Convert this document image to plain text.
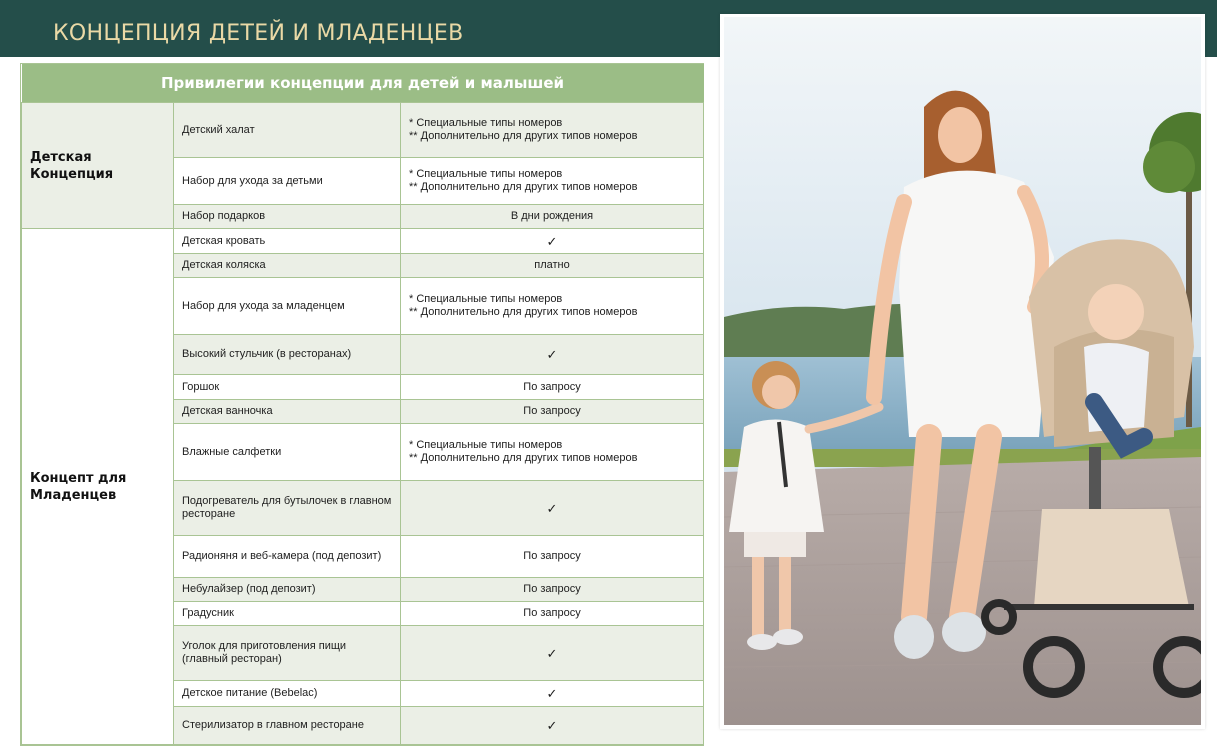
КОНЦЕПЦИЯ ДЕТЕЙ И МЛАДЕНЦЕВ
Привилегии концепции для детей и малышей		
Детская Концепция	Детский халат	* Специальные типы номеров
** Дополнительно для других типов номеров

	Набор для ухода за детьми	* Специальные типы номеров
** Дополнительно для других типов номеров

	Набор подарков	В дни рождения
Концепт для Младенцев	Детская кровать	✓
	Детская коляска	платно
	Набор для ухода за младенцем	* Специальные типы номеров
** Дополнительно для других типов номеров

	Высокий стульчик (в ресторанах)	✓
	Горшок	По запросу
	Детская ванночка	По запросу
	Влажные салфетки	* Специальные типы номеров
** Дополнительно для других типов номеров

	Подогреватель для бутылочек в главном ресторане	✓
	Радионяня и веб-камера (под депозит)	По запросу
	Небулайзер (под депозит)	По запросу
	Градусник	По запросу
	Уголок для приготовления пищи (главный ресторан)	✓
	Детское питание (Bebelac)	✓
	Стерилизатор в главном ресторане	✓
